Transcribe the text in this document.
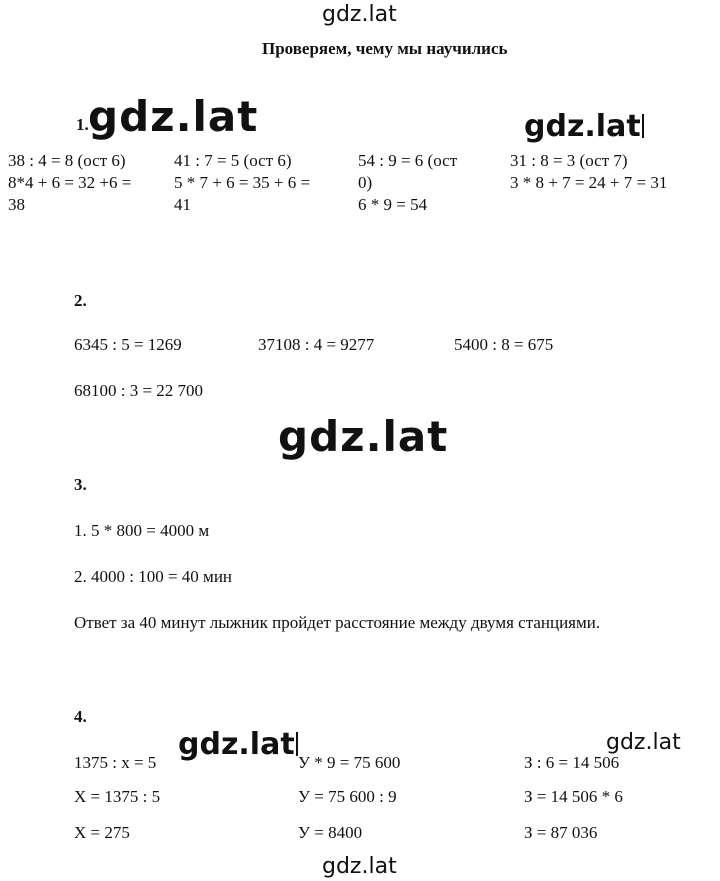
gdz.lat
gdz.lat	gdz.lat
gdz.lat
gdz.lat	gdz.lat
gdz.lat
Проверяем, чему мы научились
1.
38 : 4 = 8 (ост 6)
8*4 + 6 = 32 +6 =
38
41 : 7 = 5 (ост 6)
5 * 7 + 6 = 35 + 6 =
41
54 : 9 = 6 (ост
0)
6 * 9 = 54
31 : 8 = 3 (ост 7)
3 * 8 + 7 = 24 + 7 = 31
2.
6345 : 5 = 1269	37108 : 4 = 9277	5400 : 8 = 675
68100 : 3 = 22 700
3.
1. 5 * 800 = 4000 м
2. 4000 : 100 = 40 мин
Ответ за 40 минут лыжник пройдет расстояние между двумя станциями.
4.
1375 : x = 5
X = 1375 : 5
X = 275
У * 9 = 75 600
У = 75 600 : 9
У = 8400
З : 6 = 14 506
З = 14 506 * 6
З = 87 036
